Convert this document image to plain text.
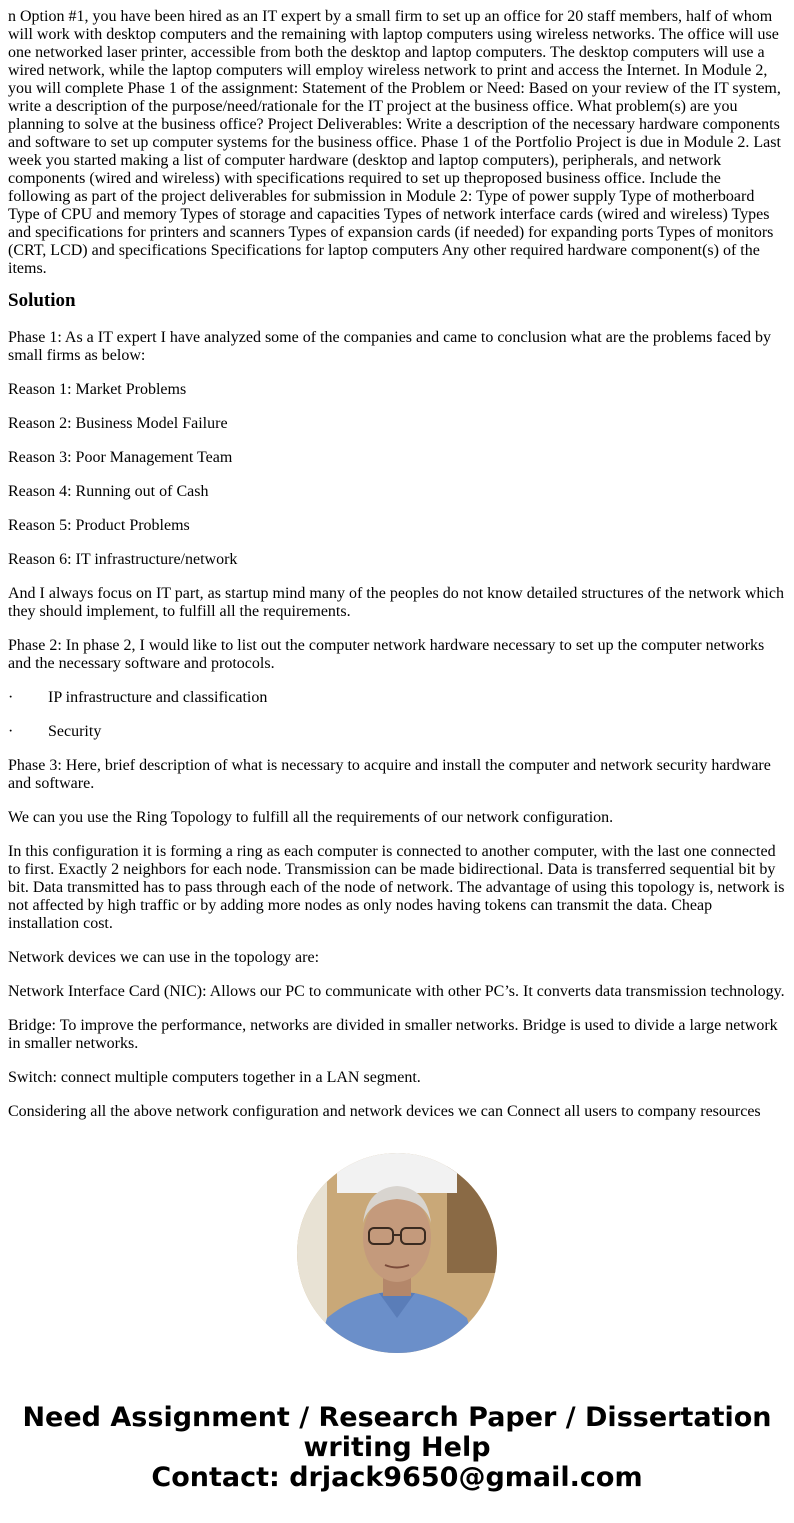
n Option #1, you have been hired as an IT expert by a small firm to set up an office for 20 staff members, half of whom will work with desktop computers and the remaining with laptop computers using wireless networks. The office will use one networked laser printer, accessible from both the desktop and laptop computers. The desktop computers will use a wired network, while the laptop computers will employ wireless network to print and access the Internet. In Module 2, you will complete Phase 1 of the assignment: Statement of the Problem or Need: Based on your review of the IT system, write a description of the purpose/need/rationale for the IT project at the business office. What problem(s) are you planning to solve at the business office? Project Deliverables: Write a description of the necessary hardware components and software to set up computer systems for the business office. Phase 1 of the Portfolio Project is due in Module 2. Last week you started making a list of computer hardware (desktop and laptop computers), peripherals, and network components (wired and wireless) with specifications required to set up theproposed business office. Include the following as part of the project deliverables for submission in Module 2: Type of power supply Type of motherboard Type of CPU and memory Types of storage and capacities Types of network interface cards (wired and wireless) Types and specifications for printers and scanners Types of expansion cards (if needed) for expanding ports Types of monitors (CRT, LCD) and specifications Specifications for laptop computers Any other required hardware component(s) of the items.

Solution

Phase 1: As a IT expert I have analyzed some of the companies and came to conclusion what are the problems faced by small firms as below:

Reason 1: Market Problems

Reason 2: Business Model Failure

Reason 3: Poor Management Team

Reason 4: Running out of Cash

Reason 5: Product Problems

Reason 6: IT infrastructure/network

And I always focus on IT part, as startup mind many of the peoples do not know detailed structures of the network which they should implement, to fulfill all the requirements.

Phase 2: In phase 2, I would like to list out the computer network hardware necessary to set up the computer networks and the necessary software and protocols.

·	IP infrastructure and classification

·	Security

Phase 3: Here, brief description of what is necessary to acquire and install the computer and network security hardware and software.

We can you use the Ring Topology to fulfill all the requirements of our network configuration.

In this configuration it is forming a ring as each computer is connected to another computer, with the last one connected to first. Exactly 2 neighbors for each node. Transmission can be made bidirectional. Data is transferred sequential bit by bit. Data transmitted has to pass through each of the node of network. The advantage of using this topology is, network is not affected by high traffic or by adding more nodes as only nodes having tokens can transmit the data. Cheap installation cost.

Network devices we can use in the topology are:

Network Interface Card (NIC): Allows our PC to communicate with other PC’s. It converts data transmission technology.

Bridge: To improve the performance, networks are divided in smaller networks. Bridge is used to divide a large network in smaller networks.

Switch: connect multiple computers together in a LAN segment.

Considering all the above network configuration and network devices we can Connect all users to company resources

Need Assignment / Research Paper / Dissertation
writing Help
Contact: drjack9650@gmail.com
